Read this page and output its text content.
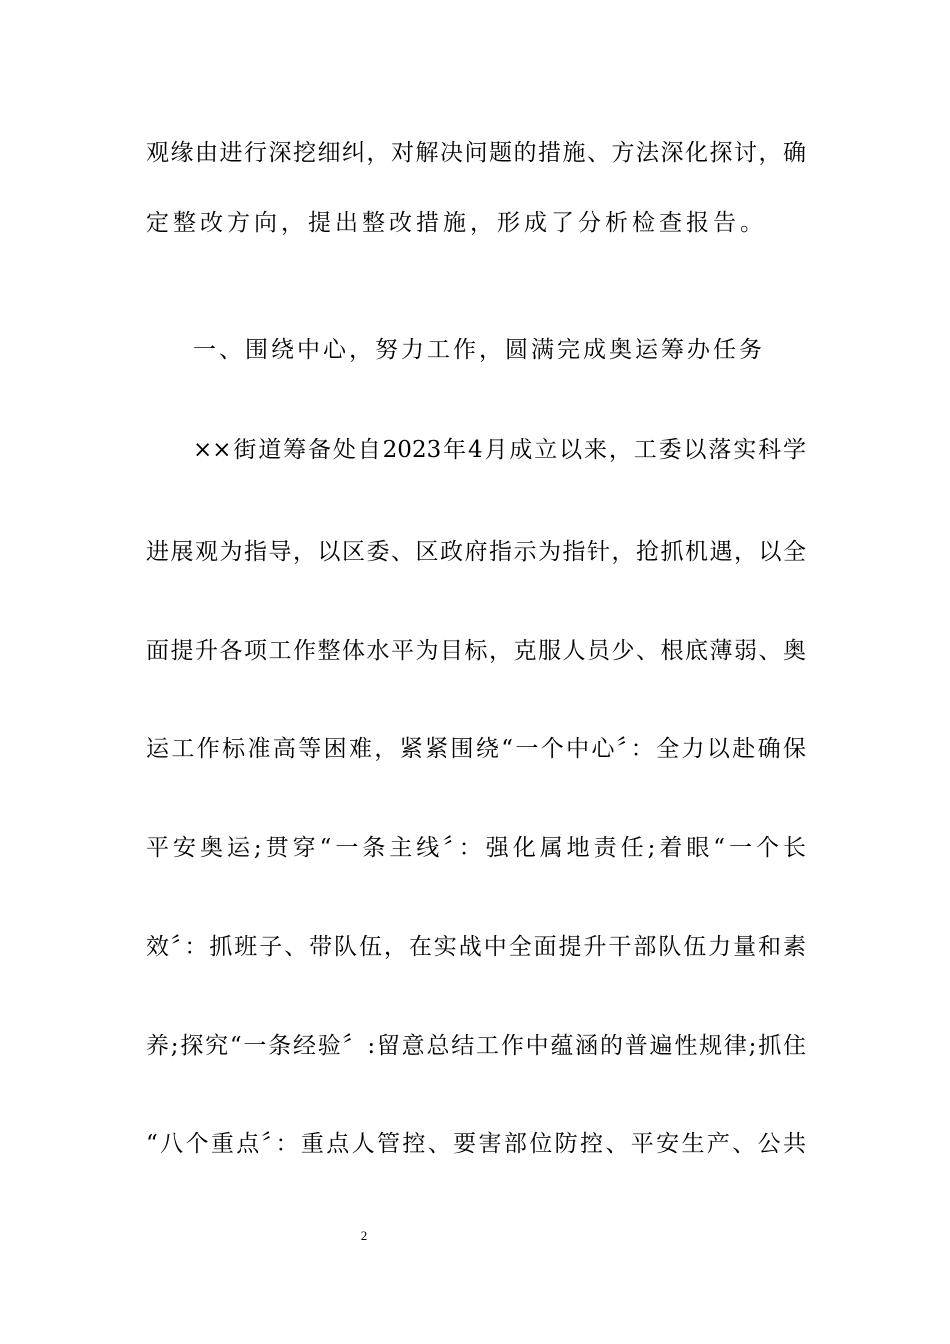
观缘由进行深挖细纠，对解决问题的措施、方法深化探讨，确
定整改方向，提出整改措施，形成了分析检查报告。
一、围绕中心，努力工作，圆满完成奥运筹办任务
××街道筹备处自2023年4月成立以来，工委以落实科学
进展观为指导，以区委、区政府指示为指针，抢抓机遇，以全
面提升各项工作整体水平为目标，克服人员少、根底薄弱、奥
运工作标准高等困难，紧紧围绕“一个中心〞：全力以赴确保
平安奥运;贯穿“一条主线〞：强化属地责任;着眼“一个长
效〞：抓班子、带队伍，在实战中全面提升干部队伍力量和素
养;探究“一条经验〞:留意总结工作中蕴涵的普遍性规律;抓住
“八个重点〞：重点人管控、要害部位防控、平安生产、公共
2
